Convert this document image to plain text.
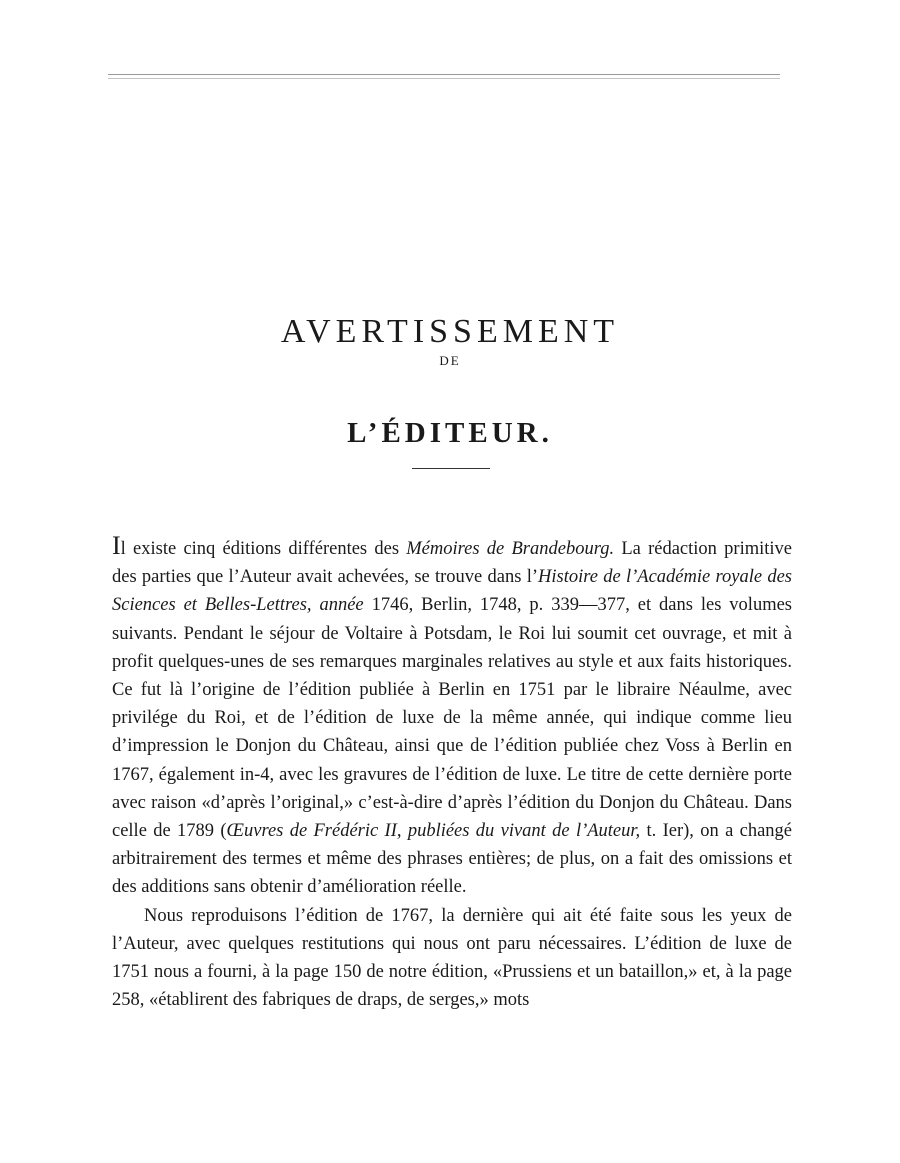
AVERTISSEMENT
DE
L’ÉDITEUR.

Il existe cinq éditions différentes des Mémoires de Brandebourg. La rédaction primitive des parties que l’Auteur avait achevées, se trouve dans l’Histoire de l’Académie royale des Sciences et Belles-Lettres, année 1746, Berlin, 1748, p. 339—377, et dans les volumes suivants. Pendant le séjour de Voltaire à Potsdam, le Roi lui soumit cet ouvrage, et mit à profit quelques-unes de ses remarques marginales relatives au style et aux faits historiques. Ce fut là l’origine de l’édition publiée à Berlin en 1751 par le libraire Néaulme, avec privilége du Roi, et de l’édition de luxe de la même année, qui indique comme lieu d’impression le Donjon du Château, ainsi que de l’édition publiée chez Voss à Berlin en 1767, également in-4, avec les gravures de l’édition de luxe. Le titre de cette dernière porte avec raison «d’après l’original,» c’est-à-dire d’après l’édition du Donjon du Château. Dans celle de 1789 (Œuvres de Frédéric II, publiées du vivant de l’Auteur, t. Ier), on a changé arbitrairement des termes et même des phrases entières; de plus, on a fait des omissions et des additions sans obtenir d’amélioration réelle.

Nous reproduisons l’édition de 1767, la dernière qui ait été faite sous les yeux de l’Auteur, avec quelques restitutions qui nous ont paru nécessaires. L’édition de luxe de 1751 nous a fourni, à la page 150 de notre édition, «Prussiens et un bataillon,» et, à la page 258, «établirent des fabriques de draps, de serges,» mots
